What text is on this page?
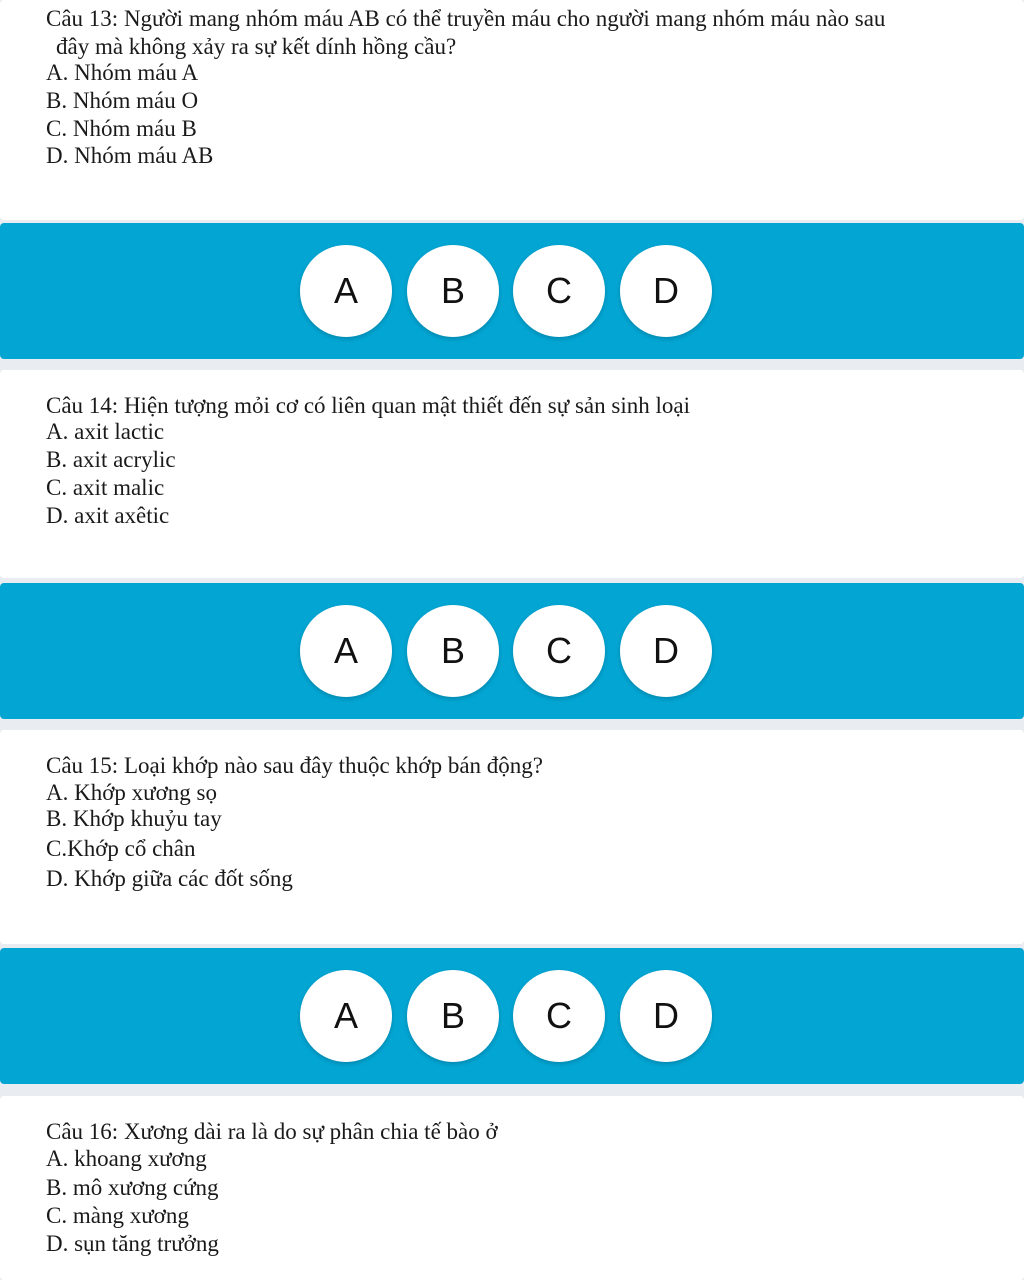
Câu 13: Người mang nhóm máu AB có thể truyền máu cho người mang nhóm máu nào sau
đây mà không xảy ra sự kết dính hồng cầu?
A. Nhóm máu A
B. Nhóm máu O
C. Nhóm máu B
D. Nhóm máu AB
A	B	C	D
Câu 14: Hiện tượng mỏi cơ có liên quan mật thiết đến sự sản sinh loại
A. axit lactic
B. axit acrylic
C. axit malic
D. axit axêtic
A	B	C	D
Câu 15: Loại khớp nào sau đây thuộc khớp bán động?
A. Khớp xương sọ
B. Khớp khuỷu tay
C.Khớp cổ chân
D. Khớp giữa các đốt sống
A	B	C	D
Câu 16: Xương dài ra là do sự phân chia tế bào ở
A. khoang xương
B. mô xương cứng
C. màng xương
D. sụn tăng trưởng
